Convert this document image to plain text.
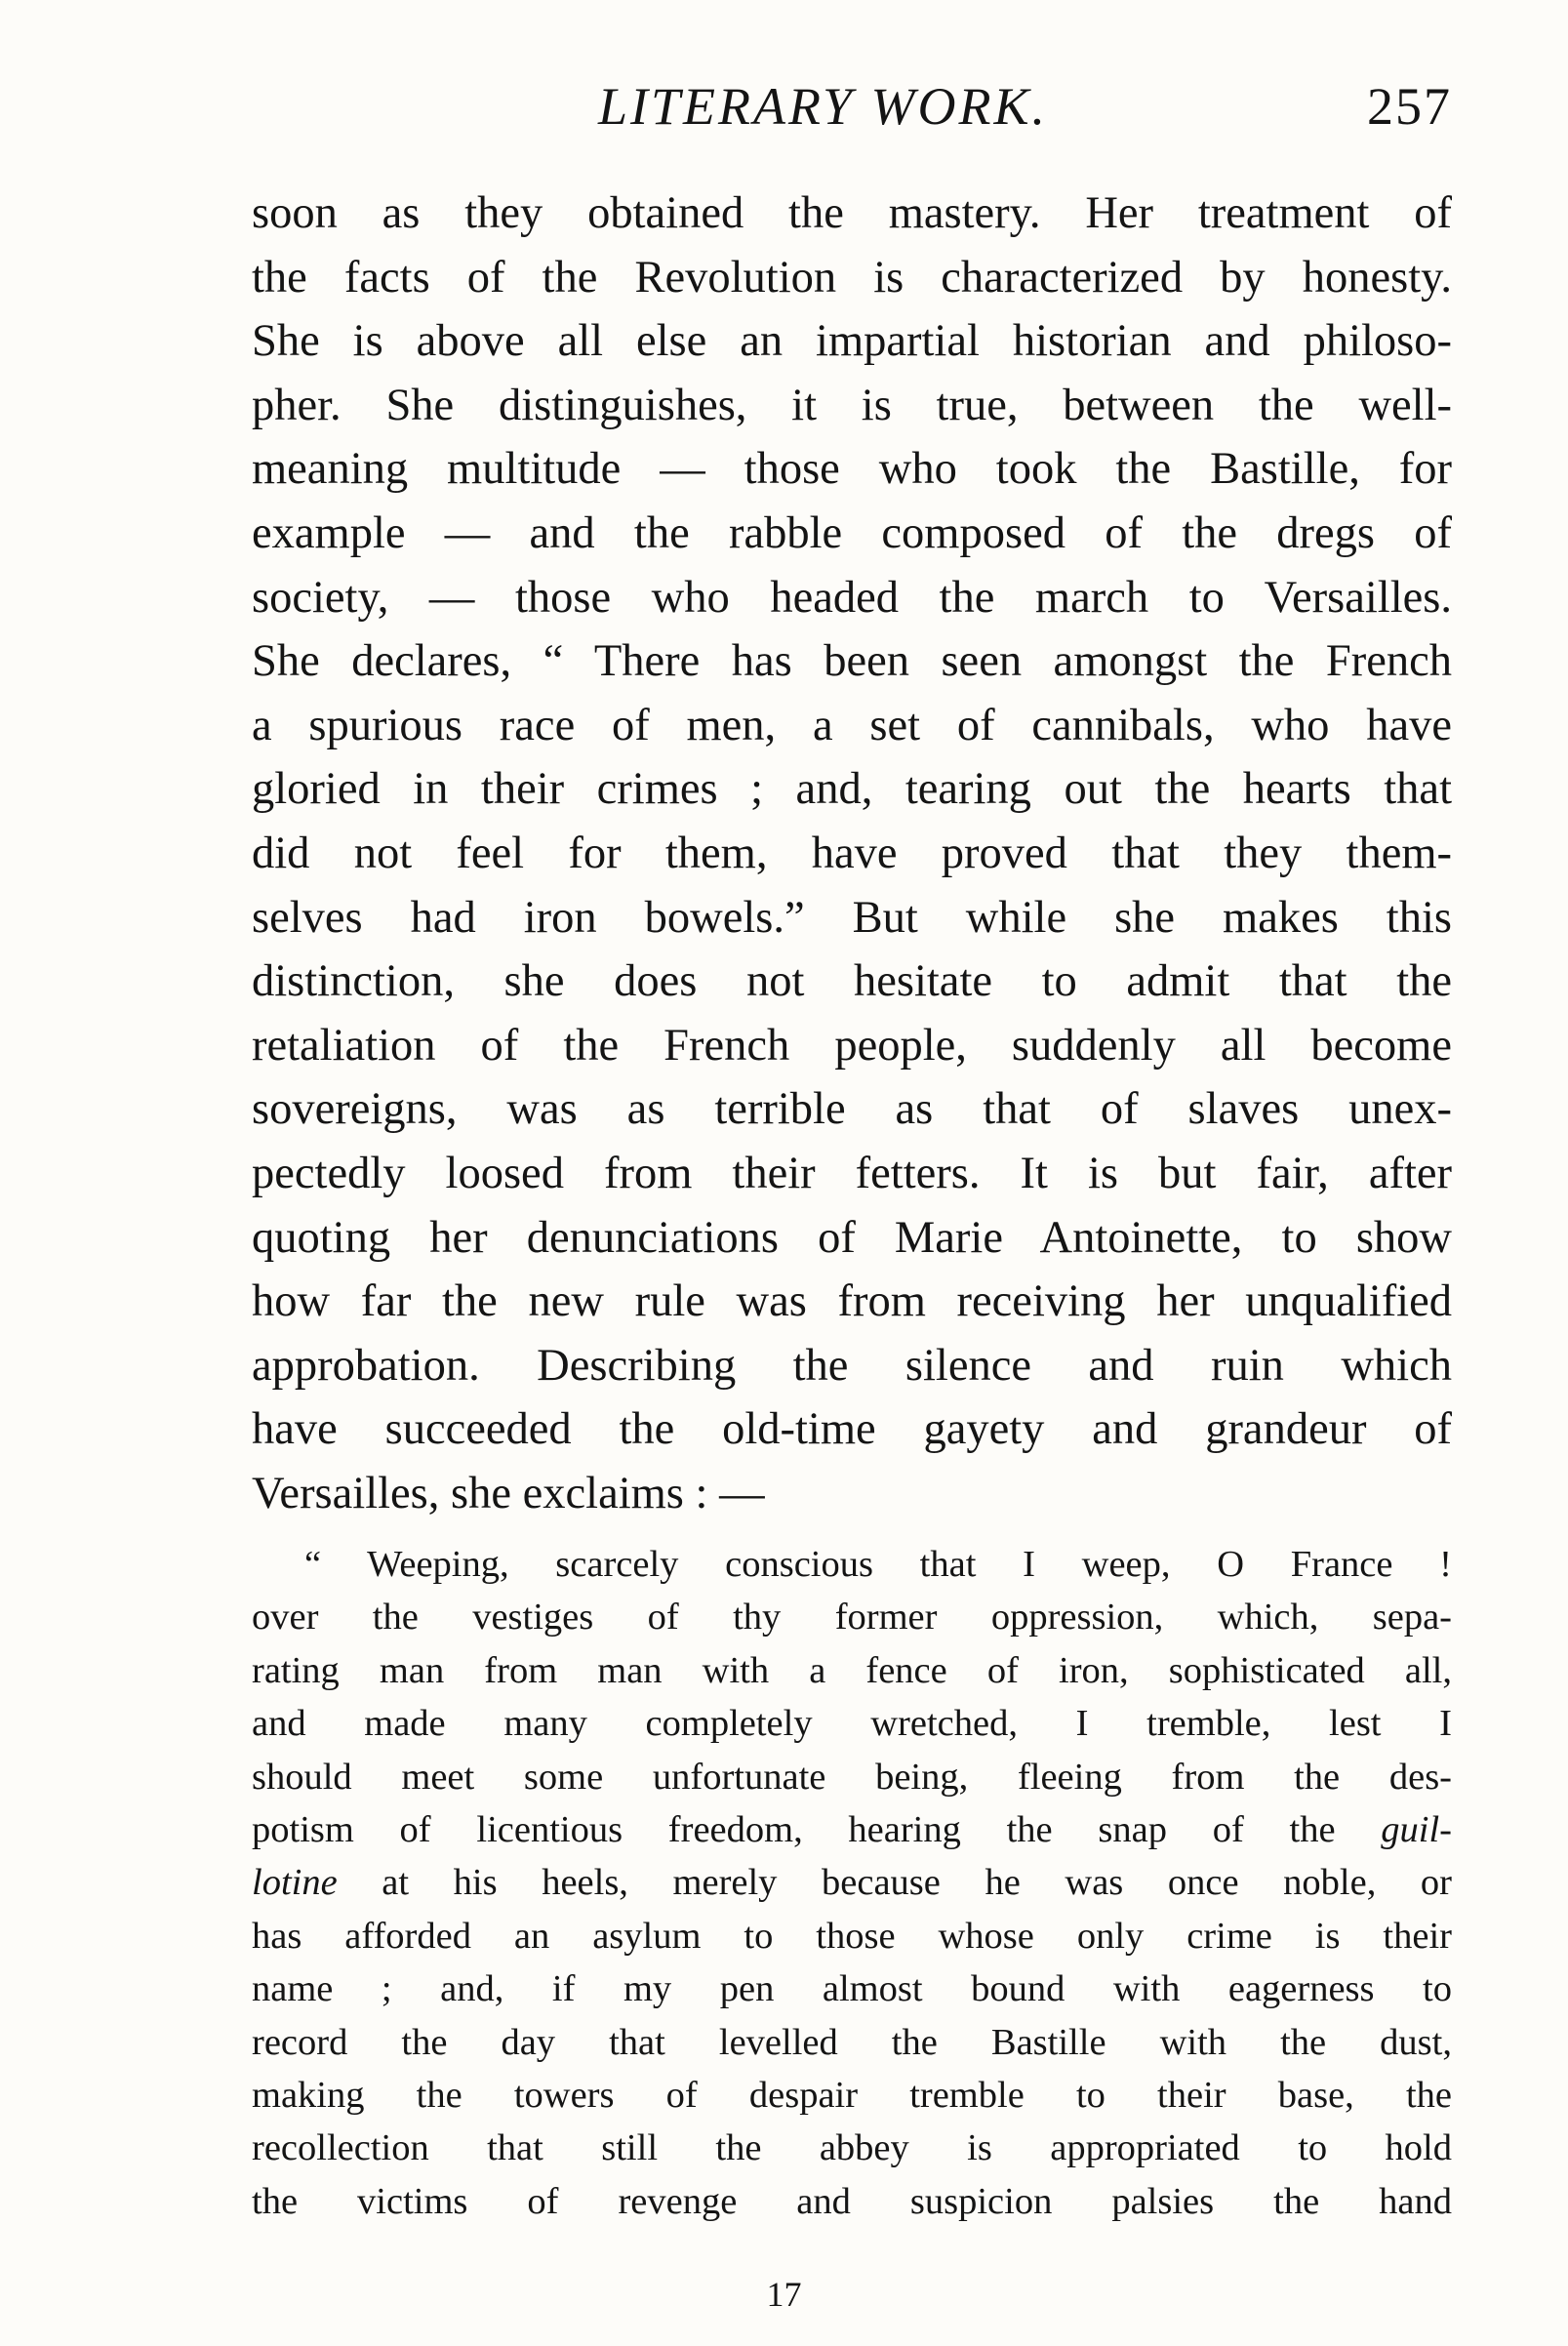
LITERARY WORK.	257
soon as they obtained the mastery. Her treatment of
the facts of the Revolution is characterized by honesty.
She is above all else an impartial historian and philoso-
pher. She distinguishes, it is true, between the well-
meaning multitude — those who took the Bastille, for
example — and the rabble composed of the dregs of
society, — those who headed the march to Versailles.
She declares, “ There has been seen amongst the French
a spurious race of men, a set of cannibals, who have
gloried in their crimes ; and, tearing out the hearts that
did not feel for them, have proved that they them-
selves had iron bowels.” But while she makes this
distinction, she does not hesitate to admit that the
retaliation of the French people, suddenly all become
sovereigns, was as terrible as that of slaves unex-
pectedly loosed from their fetters. It is but fair, after
quoting her denunciations of Marie Antoinette, to show
how far the new rule was from receiving her unqualified
approbation. Describing the silence and ruin which
have succeeded the old-time gayety and grandeur of
Versailles, she exclaims : —
“ Weeping, scarcely conscious that I weep, O France !
over the vestiges of thy former oppression, which, sepa-
rating man from man with a fence of iron, sophisticated all,
and made many completely wretched, I tremble, lest I
should meet some unfortunate being, fleeing from the des-
potism of licentious freedom, hearing the snap of the guil-
lotine at his heels, merely because he was once noble, or
has afforded an asylum to those whose only crime is their
name ; and, if my pen almost bound with eagerness to
record the day that levelled the Bastille with the dust,
making the towers of despair tremble to their base, the
recollection that still the abbey is appropriated to hold
the victims of revenge and suspicion palsies the hand
17
